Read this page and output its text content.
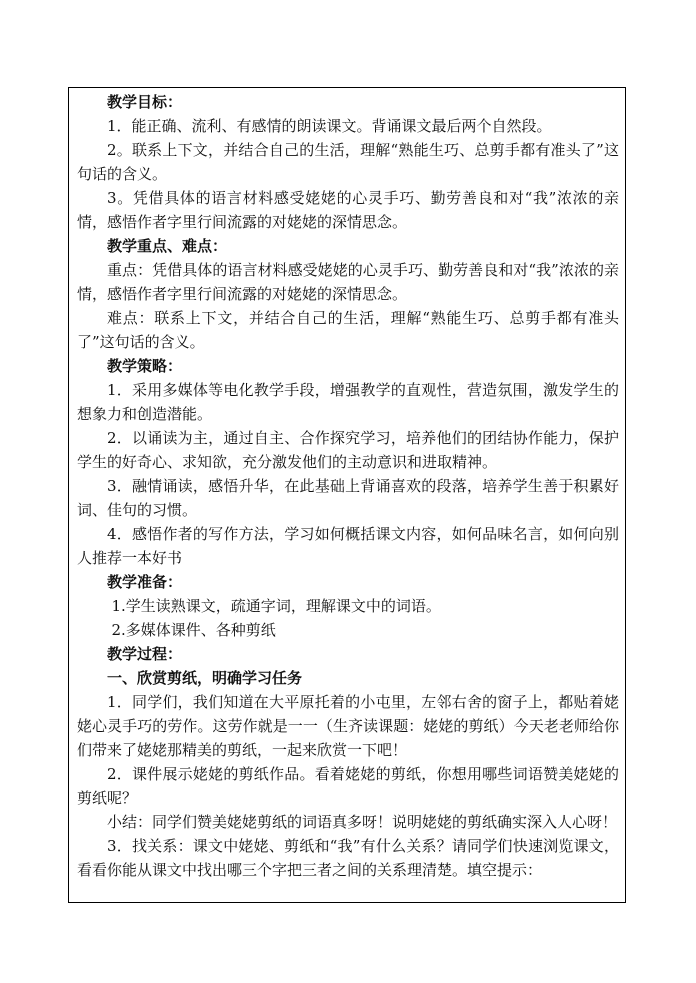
教学目标：

1．能正确、流利、有感情的朗读课文。背诵课文最后两个自然段。

2。联系上下文，并结合自己的生活，理解“熟能生巧、总剪手都有准头了”这句话的含义。

3。凭借具体的语言材料感受姥姥的心灵手巧、勤劳善良和对“我”浓浓的亲情，感悟作者字里行间流露的对姥姥的深情思念。

教学重点、难点：

重点：凭借具体的语言材料感受姥姥的心灵手巧、勤劳善良和对“我”浓浓的亲情，感悟作者字里行间流露的对姥姥的深情思念。

难点：联系上下文，并结合自己的生活，理解“熟能生巧、总剪手都有准头了”这句话的含义。

教学策略：

1．采用多媒体等电化教学手段，增强教学的直观性，营造氛围，激发学生的想象力和创造潜能。

2．以诵读为主，通过自主、合作探究学习，培养他们的团结协作能力，保护学生的好奇心、求知欲，充分激发他们的主动意识和进取精神。

3．融情诵读，感悟升华，在此基础上背诵喜欢的段落，培养学生善于积累好词、佳句的习惯。

4．感悟作者的写作方法，学习如何概括课文内容，如何品味名言，如何向别人推荐一本好书

教学准备：

1.学生读熟课文，疏通字词，理解课文中的词语。

2.多媒体课件、各种剪纸

教学过程：

一、欣赏剪纸，明确学习任务

1．同学们，我们知道在大平原托着的小屯里，左邻右舍的窗子上，都贴着姥姥心灵手巧的劳作。这劳作就是一一（生齐读课题：姥姥的剪纸）今天老老师给你们带来了姥姥那精美的剪纸，一起来欣赏一下吧！

2．课件展示姥姥的剪纸作品。看着姥姥的剪纸，你想用哪些词语赞美姥姥的剪纸呢？

小结：同学们赞美姥姥剪纸的词语真多呀！说明姥姥的剪纸确实深入人心呀！

3．找关系：课文中姥姥、剪纸和“我”有什么关系？请同学们快速浏览课文，看看你能从课文中找出哪三个字把三者之间的关系理清楚。填空提示：
